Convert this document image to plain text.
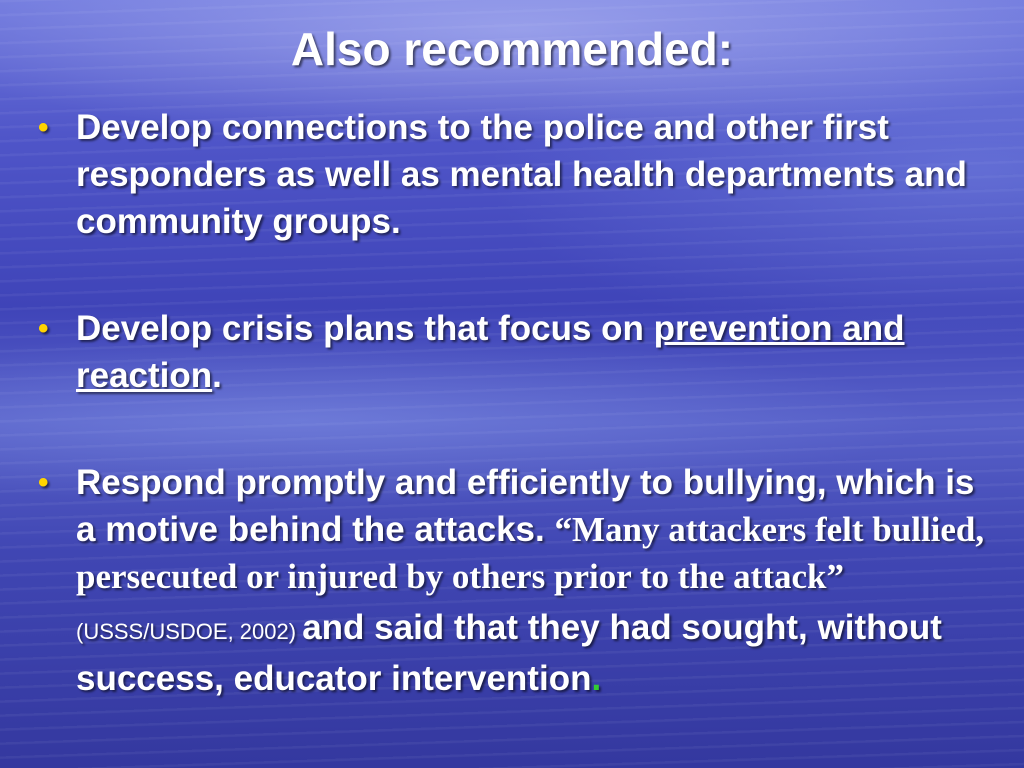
Also recommended:
• Develop connections to the police and other first responders as well as mental health departments and community groups.
• Develop crisis plans that focus on prevention and reaction.
• Respond promptly and efficiently to bullying, which is a motive behind the attacks. “Many attackers felt bullied, persecuted or injured by others prior to the attack” (USSS/USDOE, 2002) and said that they had sought, without success, educator intervention.
